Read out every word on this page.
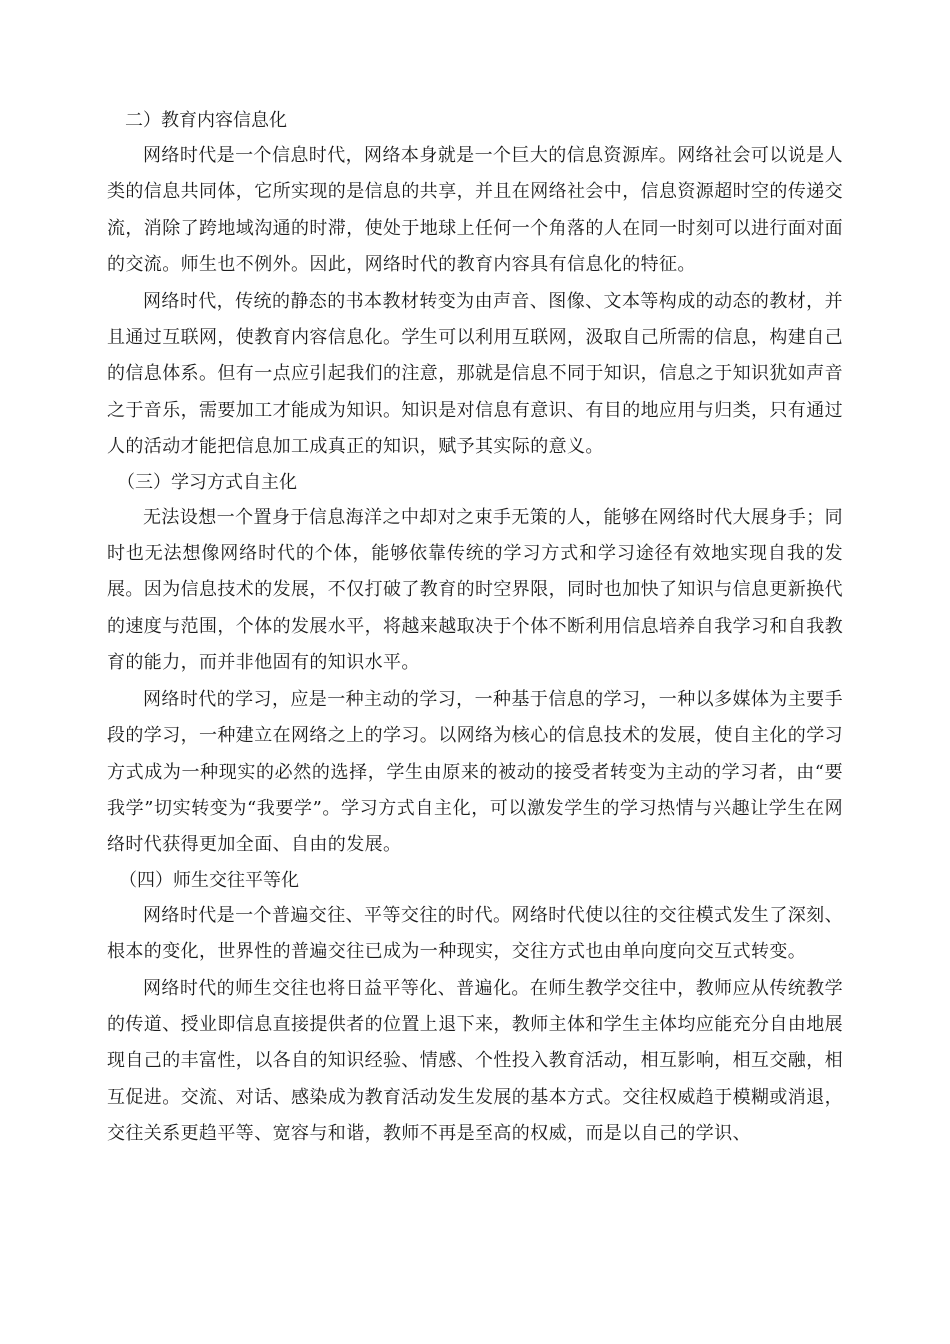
二）教育内容信息化

网络时代是一个信息时代，网络本身就是一个巨大的信息资源库。网络社会可以说是人类的信息共同体，它所实现的是信息的共享，并且在网络社会中，信息资源超时空的传递交流，消除了跨地域沟通的时滞，使处于地球上任何一个角落的人在同一时刻可以进行面对面的交流。师生也不例外。因此，网络时代的教育内容具有信息化的特征。

网络时代，传统的静态的书本教材转变为由声音、图像、文本等构成的动态的教材，并且通过互联网，使教育内容信息化。学生可以利用互联网，汲取自己所需的信息，构建自己的信息体系。但有一点应引起我们的注意，那就是信息不同于知识，信息之于知识犹如声音之于音乐，需要加工才能成为知识。知识是对信息有意识、有目的地应用与归类，只有通过人的活动才能把信息加工成真正的知识，赋予其实际的意义。

（三）学习方式自主化

无法设想一个置身于信息海洋之中却对之束手无策的人，能够在网络时代大展身手；同时也无法想像网络时代的个体，能够依靠传统的学习方式和学习途径有效地实现自我的发展。因为信息技术的发展，不仅打破了教育的时空界限，同时也加快了知识与信息更新换代的速度与范围，个体的发展水平，将越来越取决于个体不断利用信息培养自我学习和自我教育的能力，而并非他固有的知识水平。

网络时代的学习，应是一种主动的学习，一种基于信息的学习，一种以多媒体为主要手段的学习，一种建立在网络之上的学习。以网络为核心的信息技术的发展，使自主化的学习方式成为一种现实的必然的选择，学生由原来的被动的接受者转变为主动的学习者，由“要我学”切实转变为“我要学”。学习方式自主化，可以激发学生的学习热情与兴趣让学生在网络时代获得更加全面、自由的发展。

（四）师生交往平等化

网络时代是一个普遍交往、平等交往的时代。网络时代使以往的交往模式发生了深刻、根本的变化，世界性的普遍交往已成为一种现实，交往方式也由单向度向交互式转变。

网络时代的师生交往也将日益平等化、普遍化。在师生教学交往中，教师应从传统教学的传道、授业即信息直接提供者的位置上退下来，教师主体和学生主体均应能充分自由地展现自己的丰富性，以各自的知识经验、情感、个性投入教育活动，相互影响，相互交融，相互促进。交流、对话、感染成为教育活动发生发展的基本方式。交往权威趋于模糊或消退，交往关系更趋平等、宽容与和谐，教师不再是至高的权威，而是以自己的学识、
